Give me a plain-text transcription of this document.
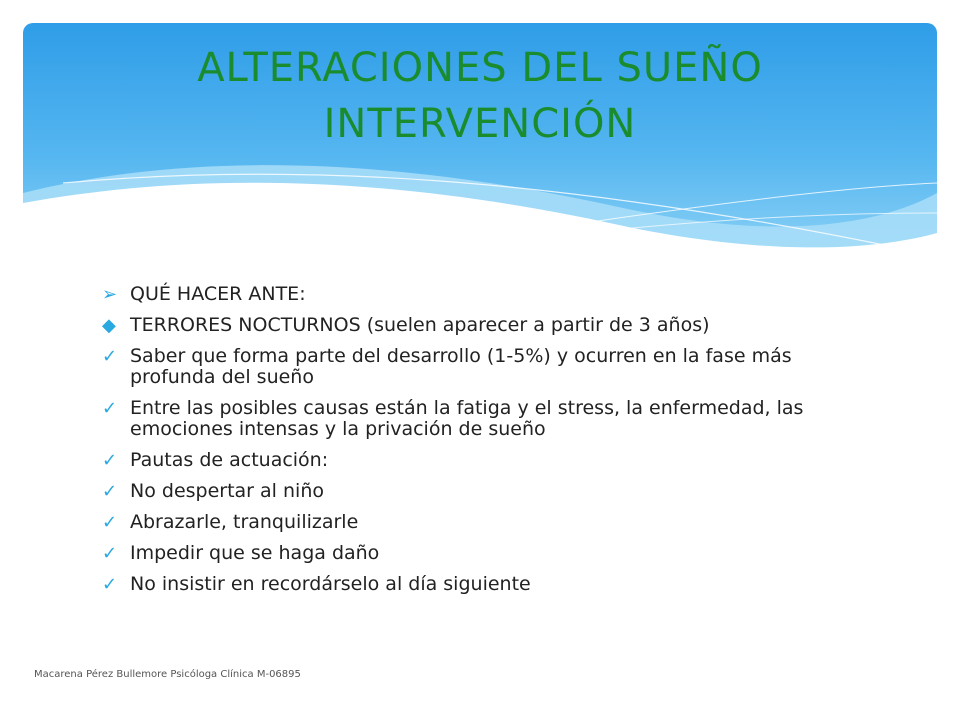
ALTERACIONES DEL SUEÑO
INTERVENCIÓN
➢ QUÉ HACER ANTE:
◆ TERRORES NOCTURNOS (suelen aparecer a partir de 3 años)
✓ Saber que forma parte del desarrollo (1-5%) y ocurren en la fase más profunda del sueño
✓ Entre las posibles causas están la fatiga y el stress, la enfermedad, las emociones intensas y la privación de sueño
✓ Pautas de actuación:
✓ No despertar al niño
✓ Abrazarle, tranquilizarle
✓ Impedir que se haga daño
✓ No insistir en recordárselo al día siguiente
Macarena Pérez Bullemore Psicóloga Clínica M-06895
